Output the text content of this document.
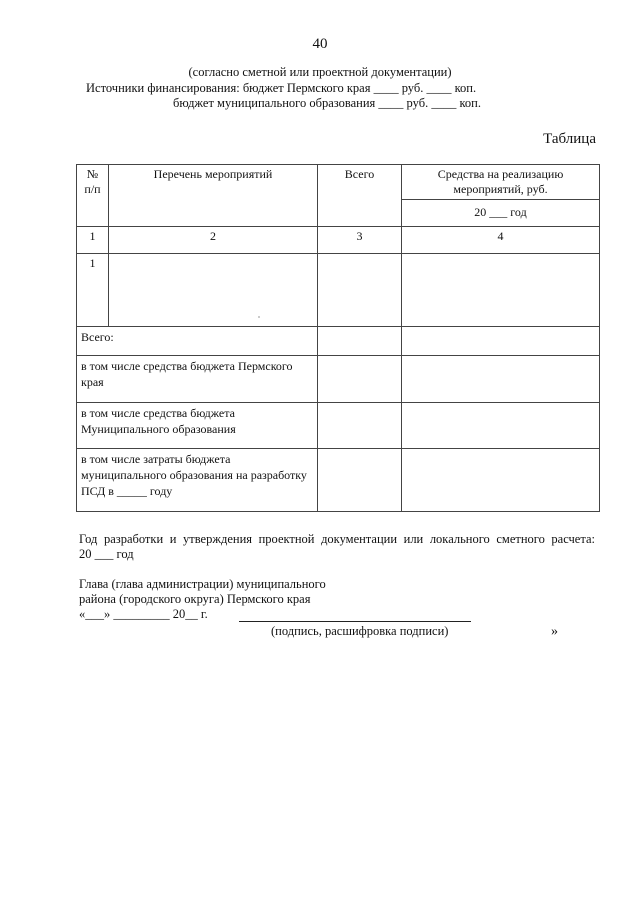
40
(согласно сметной или проектной документации)
Источники финансирования: бюджет Пермского края ____ руб. ____ коп.
бюджет муниципального образования ____ руб. ____ коп.
Таблица
№ п/п	Перечень мероприятий	Всего	Средства на реализацию мероприятий, руб.
			20 ___ год
1	2	3	4
1			
Всего:			
в том числе средства бюджета Пермского края			
в том числе средства бюджета Муниципального образования			
в том числе затраты бюджета муниципального образования на разработку ПСД в _____ году			
Год разработки и утверждения проектной документации или локального сметного расчета:
20 ___ год
Глава (глава администрации) муниципального
района (городского округа) Пермского края
«___» _________ 20__ г.
(подпись, расшифровка подписи)	»
